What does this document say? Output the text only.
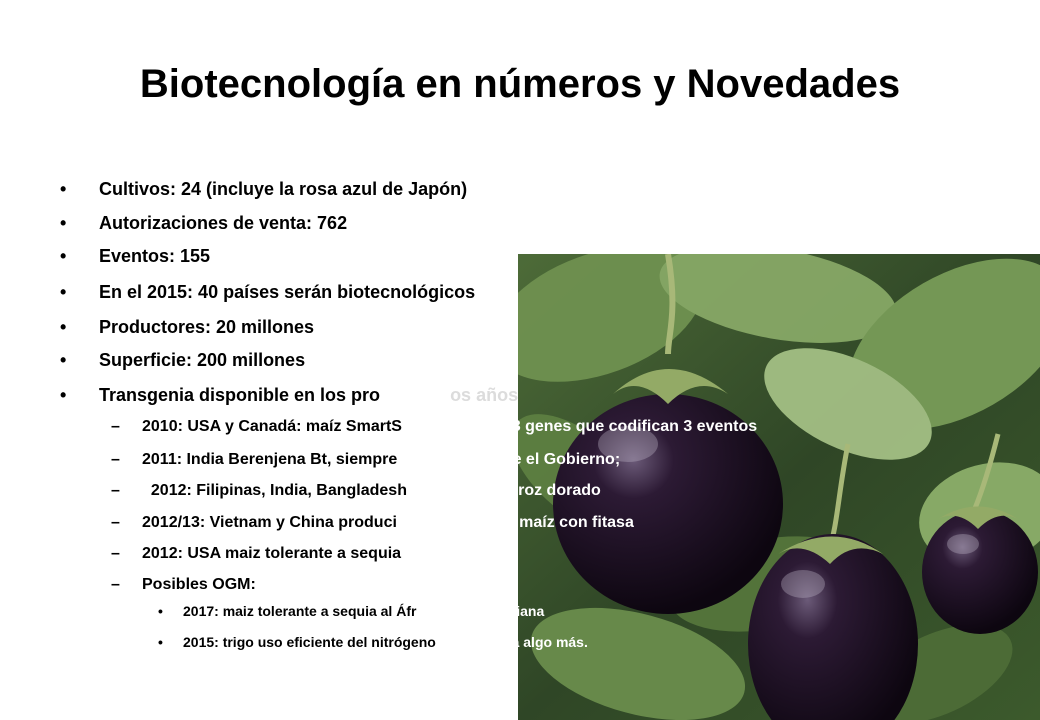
Biotecnología en números y Novedades
• Cultivos: 24 (incluye la rosa azul de Japón)
• Autorizaciones de venta: 762
• Eventos: 155
• En el 2015: 40 países serán biotecnológicos
• Productores: 20 millones
• Superficie: 200 millones
• Transgenia disponible en los pro	os años
– 2010: USA y Canadá: maíz SmartS	™, con 8 genes que codifican 3 eventos
– 2011: India Berenjena Bt, siempre e lo apruebe el Gobierno;
– 2012: Filipinas, India, Bangladesh ndonesia: arroz dorado
– 2012/13: Vietnam y China produci	arroz Bt y maíz con fitasa
– 2012: USA maiz tolerante a sequia
– Posibles OGM:
• 2017: maiz tolerante a sequia al Áfr	Subsahariana
• 2015: trigo uso eficiente del nitrógeno (UEN) quizá algo más.
